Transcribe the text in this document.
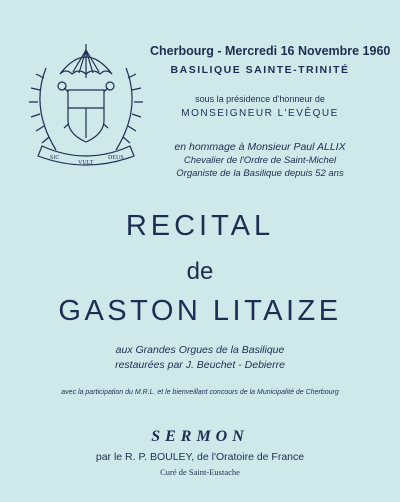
SIC
VULT
DEUS
Cherbourg - Mercredi 16 Novembre 1960
BASILIQUE SAINTE-TRINITÉ
sous la présidence d'honneur de
MONSEIGNEUR L'EVÊQUE
en hommage à Monsieur Paul ALLIX
Chevalier de l'Ordre de Saint-Michel
Organiste de la Basilique depuis 52 ans
RECITAL
de
GASTON LITAIZE
aux Grandes Orgues de la Basilique
restaurées par J. Beuchet - Debierre
avec la participation du M.R.L. et le bienveillant concours de la Municipalité de Cherbourg
SERMON
par le R. P. BOULEY, de l'Oratoire de France
Curé de Saint-Eustache
